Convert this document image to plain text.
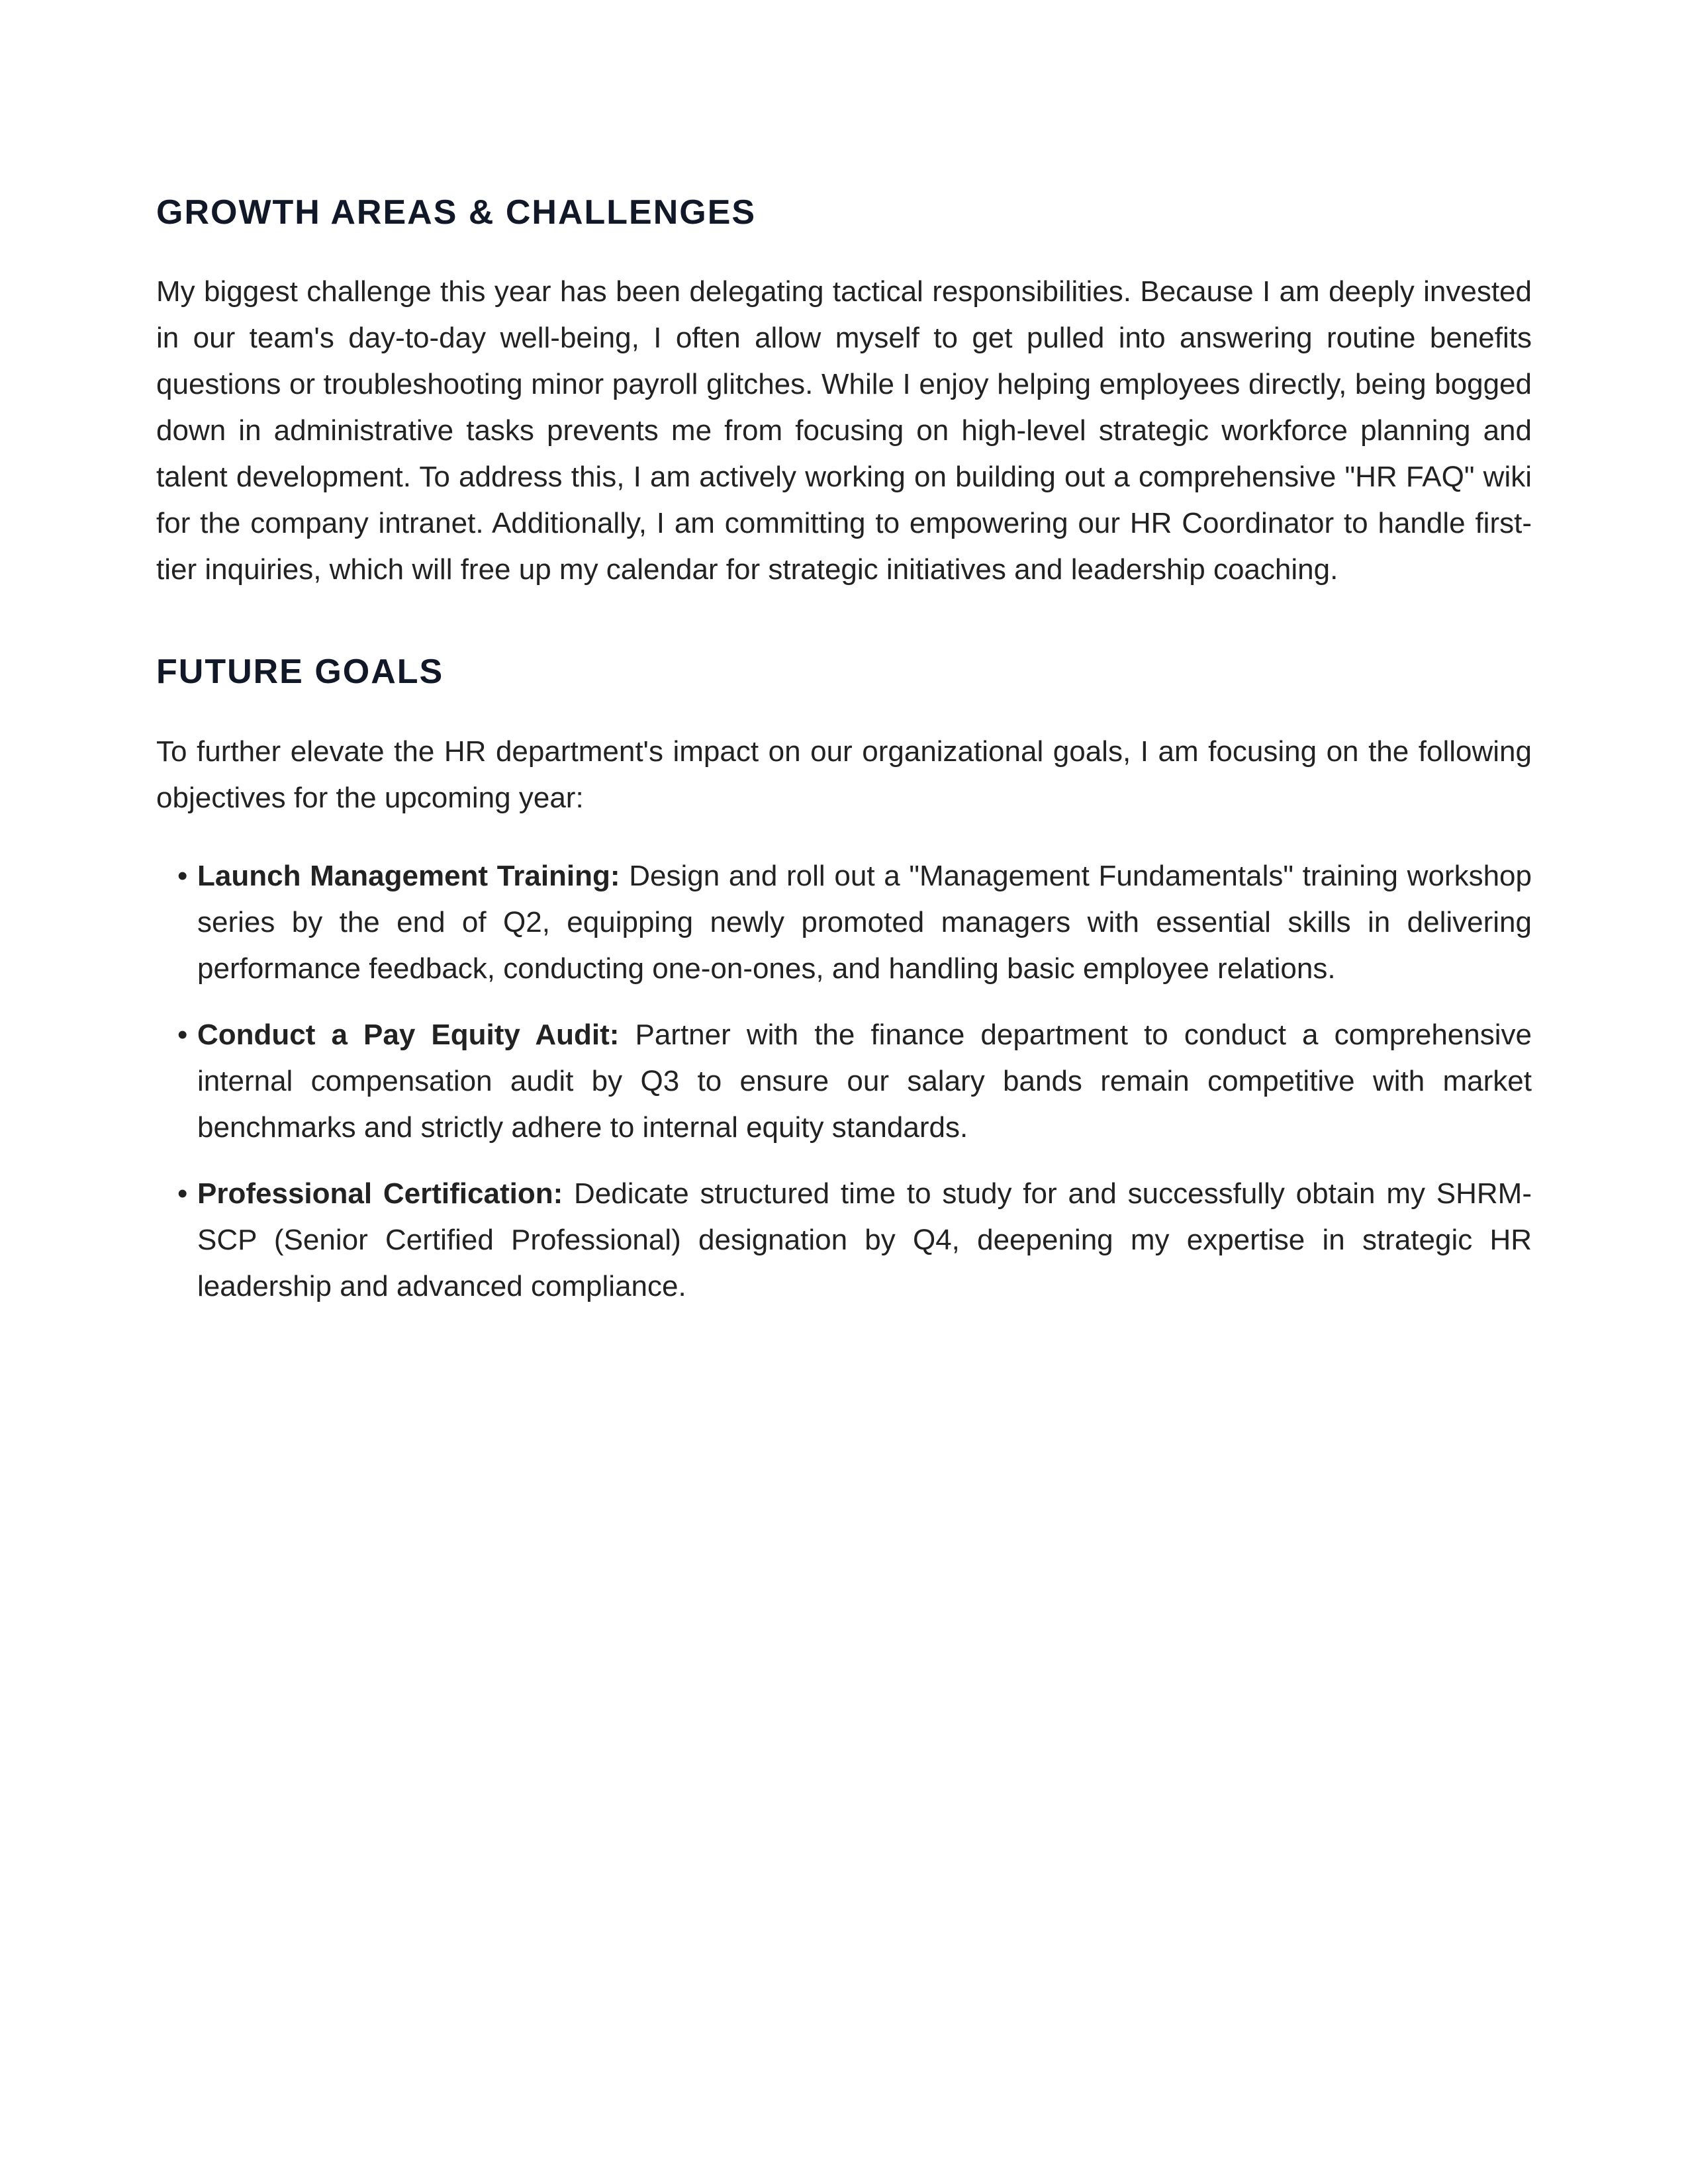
GROWTH AREAS & CHALLENGES

My biggest challenge this year has been delegating tactical responsibilities. Because I am deeply invested in our team's day-to-day well-being, I often allow myself to get pulled into answering routine benefits questions or troubleshooting minor payroll glitches. While I enjoy helping employees directly, being bogged down in administrative tasks prevents me from focusing on high-level strategic workforce planning and talent development. To address this, I am actively working on building out a comprehensive "HR FAQ" wiki for the company intranet. Additionally, I am committing to empowering our HR Coordinator to handle first-tier inquiries, which will free up my calendar for strategic initiatives and leadership coaching.

FUTURE GOALS

To further elevate the HR department's impact on our organizational goals, I am focusing on the following objectives for the upcoming year:

• Launch Management Training: Design and roll out a "Management Fundamentals" training workshop series by the end of Q2, equipping newly promoted managers with essential skills in delivering performance feedback, conducting one-on-ones, and handling basic employee relations.
• Conduct a Pay Equity Audit: Partner with the finance department to conduct a comprehensive internal compensation audit by Q3 to ensure our salary bands remain competitive with market benchmarks and strictly adhere to internal equity standards.
• Professional Certification: Dedicate structured time to study for and successfully obtain my SHRM-SCP (Senior Certified Professional) designation by Q4, deepening my expertise in strategic HR leadership and advanced compliance.
